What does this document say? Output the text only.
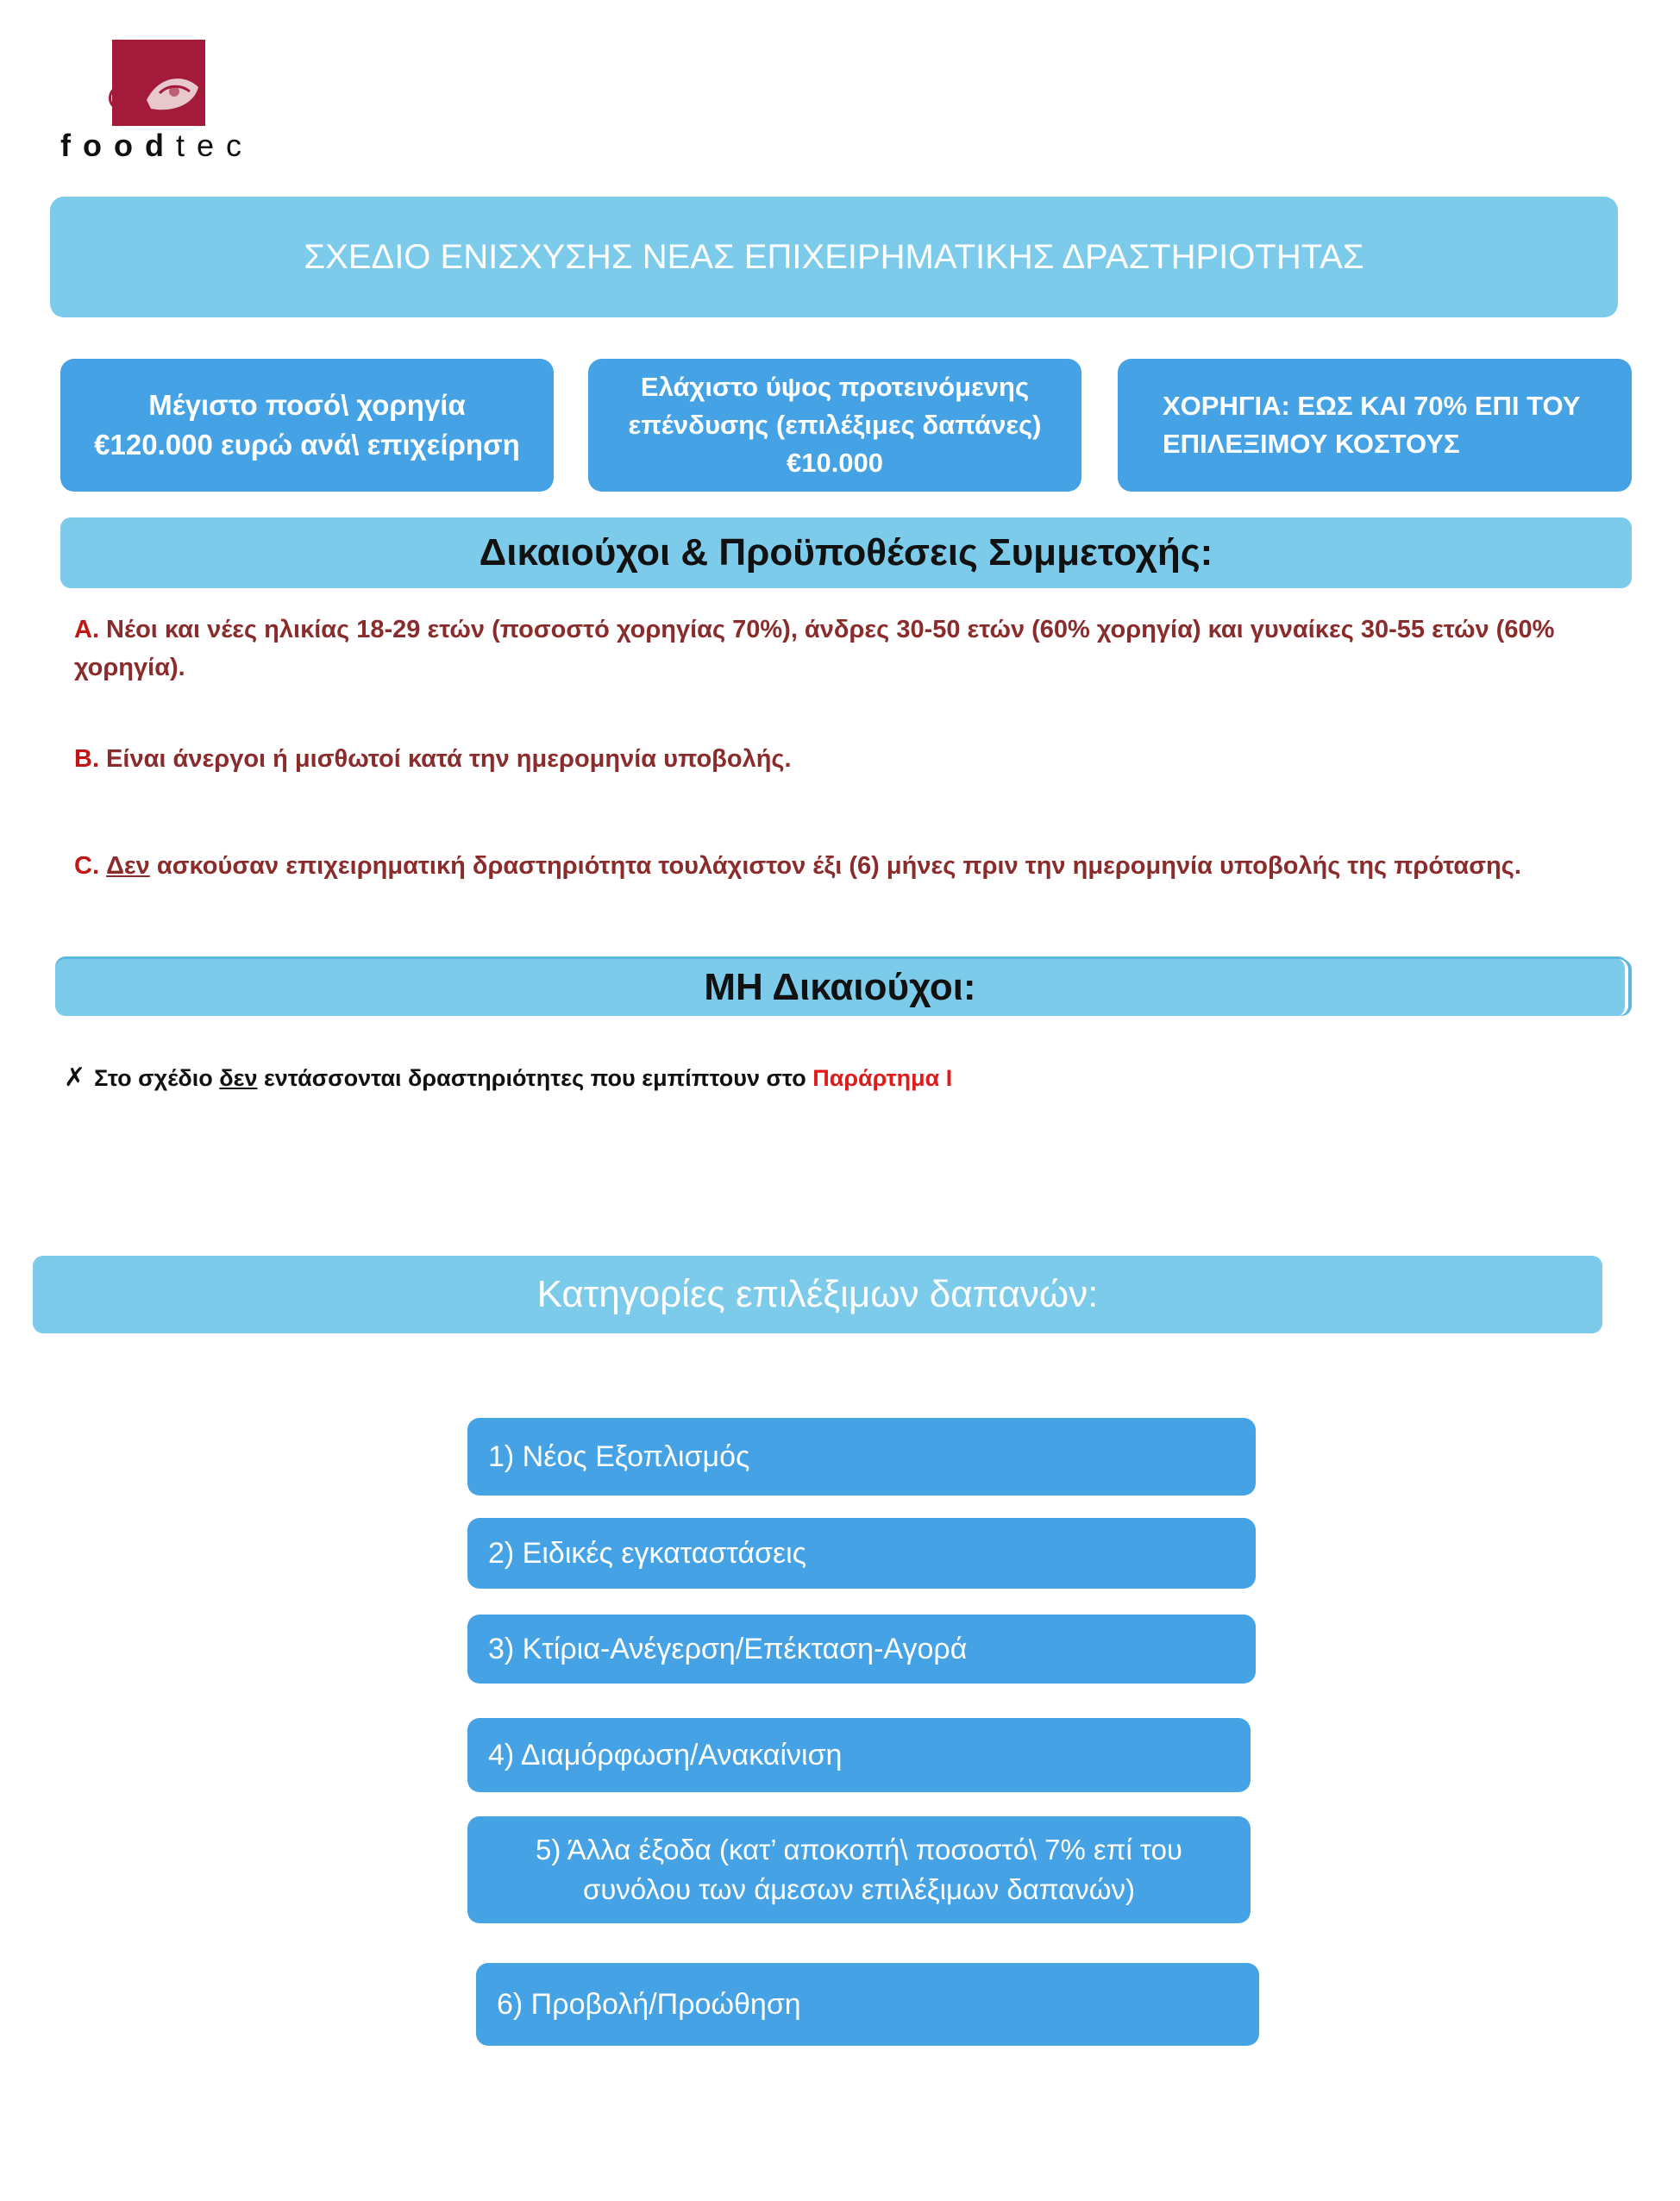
foodtec
ΣΧΕΔΙΟ ΕΝΙΣΧΥΣΗΣ ΝΕΑΣ ΕΠΙΧΕΙΡΗΜΑΤΙΚΗΣ ΔΡΑΣΤΗΡΙΟΤΗΤΑΣ
Μέγιστο ποσό\ χορηγία
€120.000 ευρώ ανά\ επιχείρηση
Ελάχιστο ύψος προτεινόμενης
επένδυσης (επιλέξιμες δαπάνες)
€10.000
ΧΟΡΗΓΙΑ: ΕΩΣ ΚΑΙ 70% ΕΠΙ ΤΟΥ
ΕΠΙΛΕΞΙΜΟΥ ΚΟΣΤΟΥΣ
Δικαιούχοι & Προϋποθέσεις Συμμετοχής:
Α. Νέοι και νέες ηλικίας 18-29 ετών (ποσοστό χορηγίας 70%), άνδρες 30-50 ετών (60% χορηγία) και γυναίκες 30-55 ετών (60% χορηγία).
Β. Είναι άνεργοι ή μισθωτοί κατά την ημερομηνία υποβολής.
C. Δεν ασκούσαν επιχειρηματική δραστηριότητα τουλάχιστον έξι (6) μήνες πριν την ημερομηνία υποβολής της πρότασης.
ΜΗ Δικαιούχοι:
✗ Στο σχέδιο δεν εντάσσονται δραστηριότητες που εμπίπτουν στο Παράρτημα Ι
Κατηγορίες επιλέξιμων δαπανών:
1) Νέος Εξοπλισμός
2) Ειδικές εγκαταστάσεις
3) Κτίρια-Ανέγερση/Επέκταση-Αγορά
4) Διαμόρφωση/Ανακαίνιση
5) Άλλα έξοδα (κατ’ αποκοπή\ ποσοστό\ 7% επί του
συνόλου των άμεσων επιλέξιμων δαπανών)
6) Προβολή/Προώθηση
